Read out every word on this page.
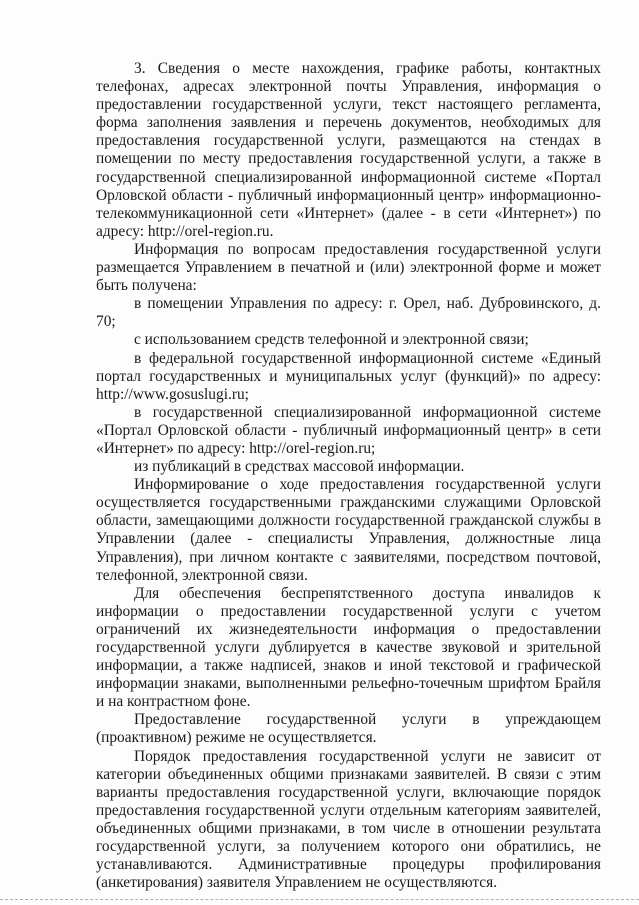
3. Сведения о месте нахождения, графике работы, контактных телефонах, адресах электронной почты Управления, информация о предоставлении государственной услуги, текст настоящего регламента, форма заполнения заявления и перечень документов, необходимых для предоставления государственной услуги, размещаются на стендах в помещении по месту предоставления государственной услуги, а также в государственной специализированной информационной системе «Портал Орловской области - публичный информационный центр» информационно-телекоммуникационной сети «Интернет» (далее - в сети «Интернет») по адресу: http://orel-region.ru.

Информация по вопросам предоставления государственной услуги размещается Управлением в печатной и (или) электронной форме и может быть получена:

в помещении Управления по адресу: г. Орел, наб. Дубровинского, д. 70;

с использованием средств телефонной и электронной связи;

в федеральной государственной информационной системе «Единый портал государственных и муниципальных услуг (функций)» по адресу: http://www.gosuslugi.ru;

в государственной специализированной информационной системе «Портал Орловской области - публичный информационный центр» в сети «Интернет» по адресу: http://orel-region.ru;

из публикаций в средствах массовой информации.

Информирование о ходе предоставления государственной услуги осуществляется государственными гражданскими служащими Орловской области, замещающими должности государственной гражданской службы в Управлении (далее - специалисты Управления, должностные лица Управления), при личном контакте с заявителями, посредством почтовой, телефонной, электронной связи.

Для обеспечения беспрепятственного доступа инвалидов к информации о предоставлении государственной услуги с учетом ограничений их жизнедеятельности информация о предоставлении государственной услуги дублируется в качестве звуковой и зрительной информации, а также надписей, знаков и иной текстовой и графической информации знаками, выполненными рельефно-точечным шрифтом Брайля и на контрастном фоне.

Предоставление государственной услуги в упреждающем (проактивном) режиме не осуществляется.

Порядок предоставления государственной услуги не зависит от категории объединенных общими признаками заявителей. В связи с этим варианты предоставления государственной услуги, включающие порядок предоставления государственной услуги отдельным категориям заявителей, объединенных общими признаками, в том числе в отношении результата государственной услуги, за получением которого они обратились, не устанавливаются. Административные процедуры профилирования (анкетирования) заявителя Управлением не осуществляются.
